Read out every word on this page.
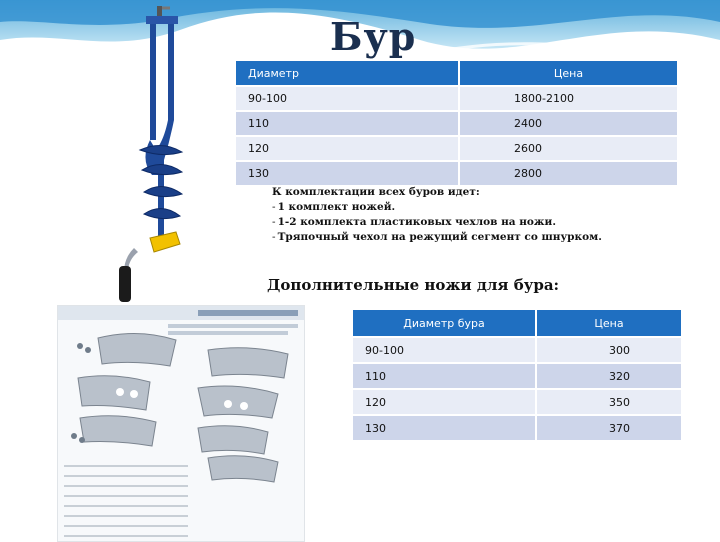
Бур
Диаметр	Цена
90-100	1800-2100
110	2400
120	2600
130	2800
К комплектации всех буров идет:
- 1 комплект ножей.
- 1-2 комплекта пластиковых чехлов на ножи.
- Тряпочный чехол на режущий сегмент со шнурком.
Дополнительные ножи для бура:
Диаметр бура	Цена
90-100	300
110	320
120	350
130	370
